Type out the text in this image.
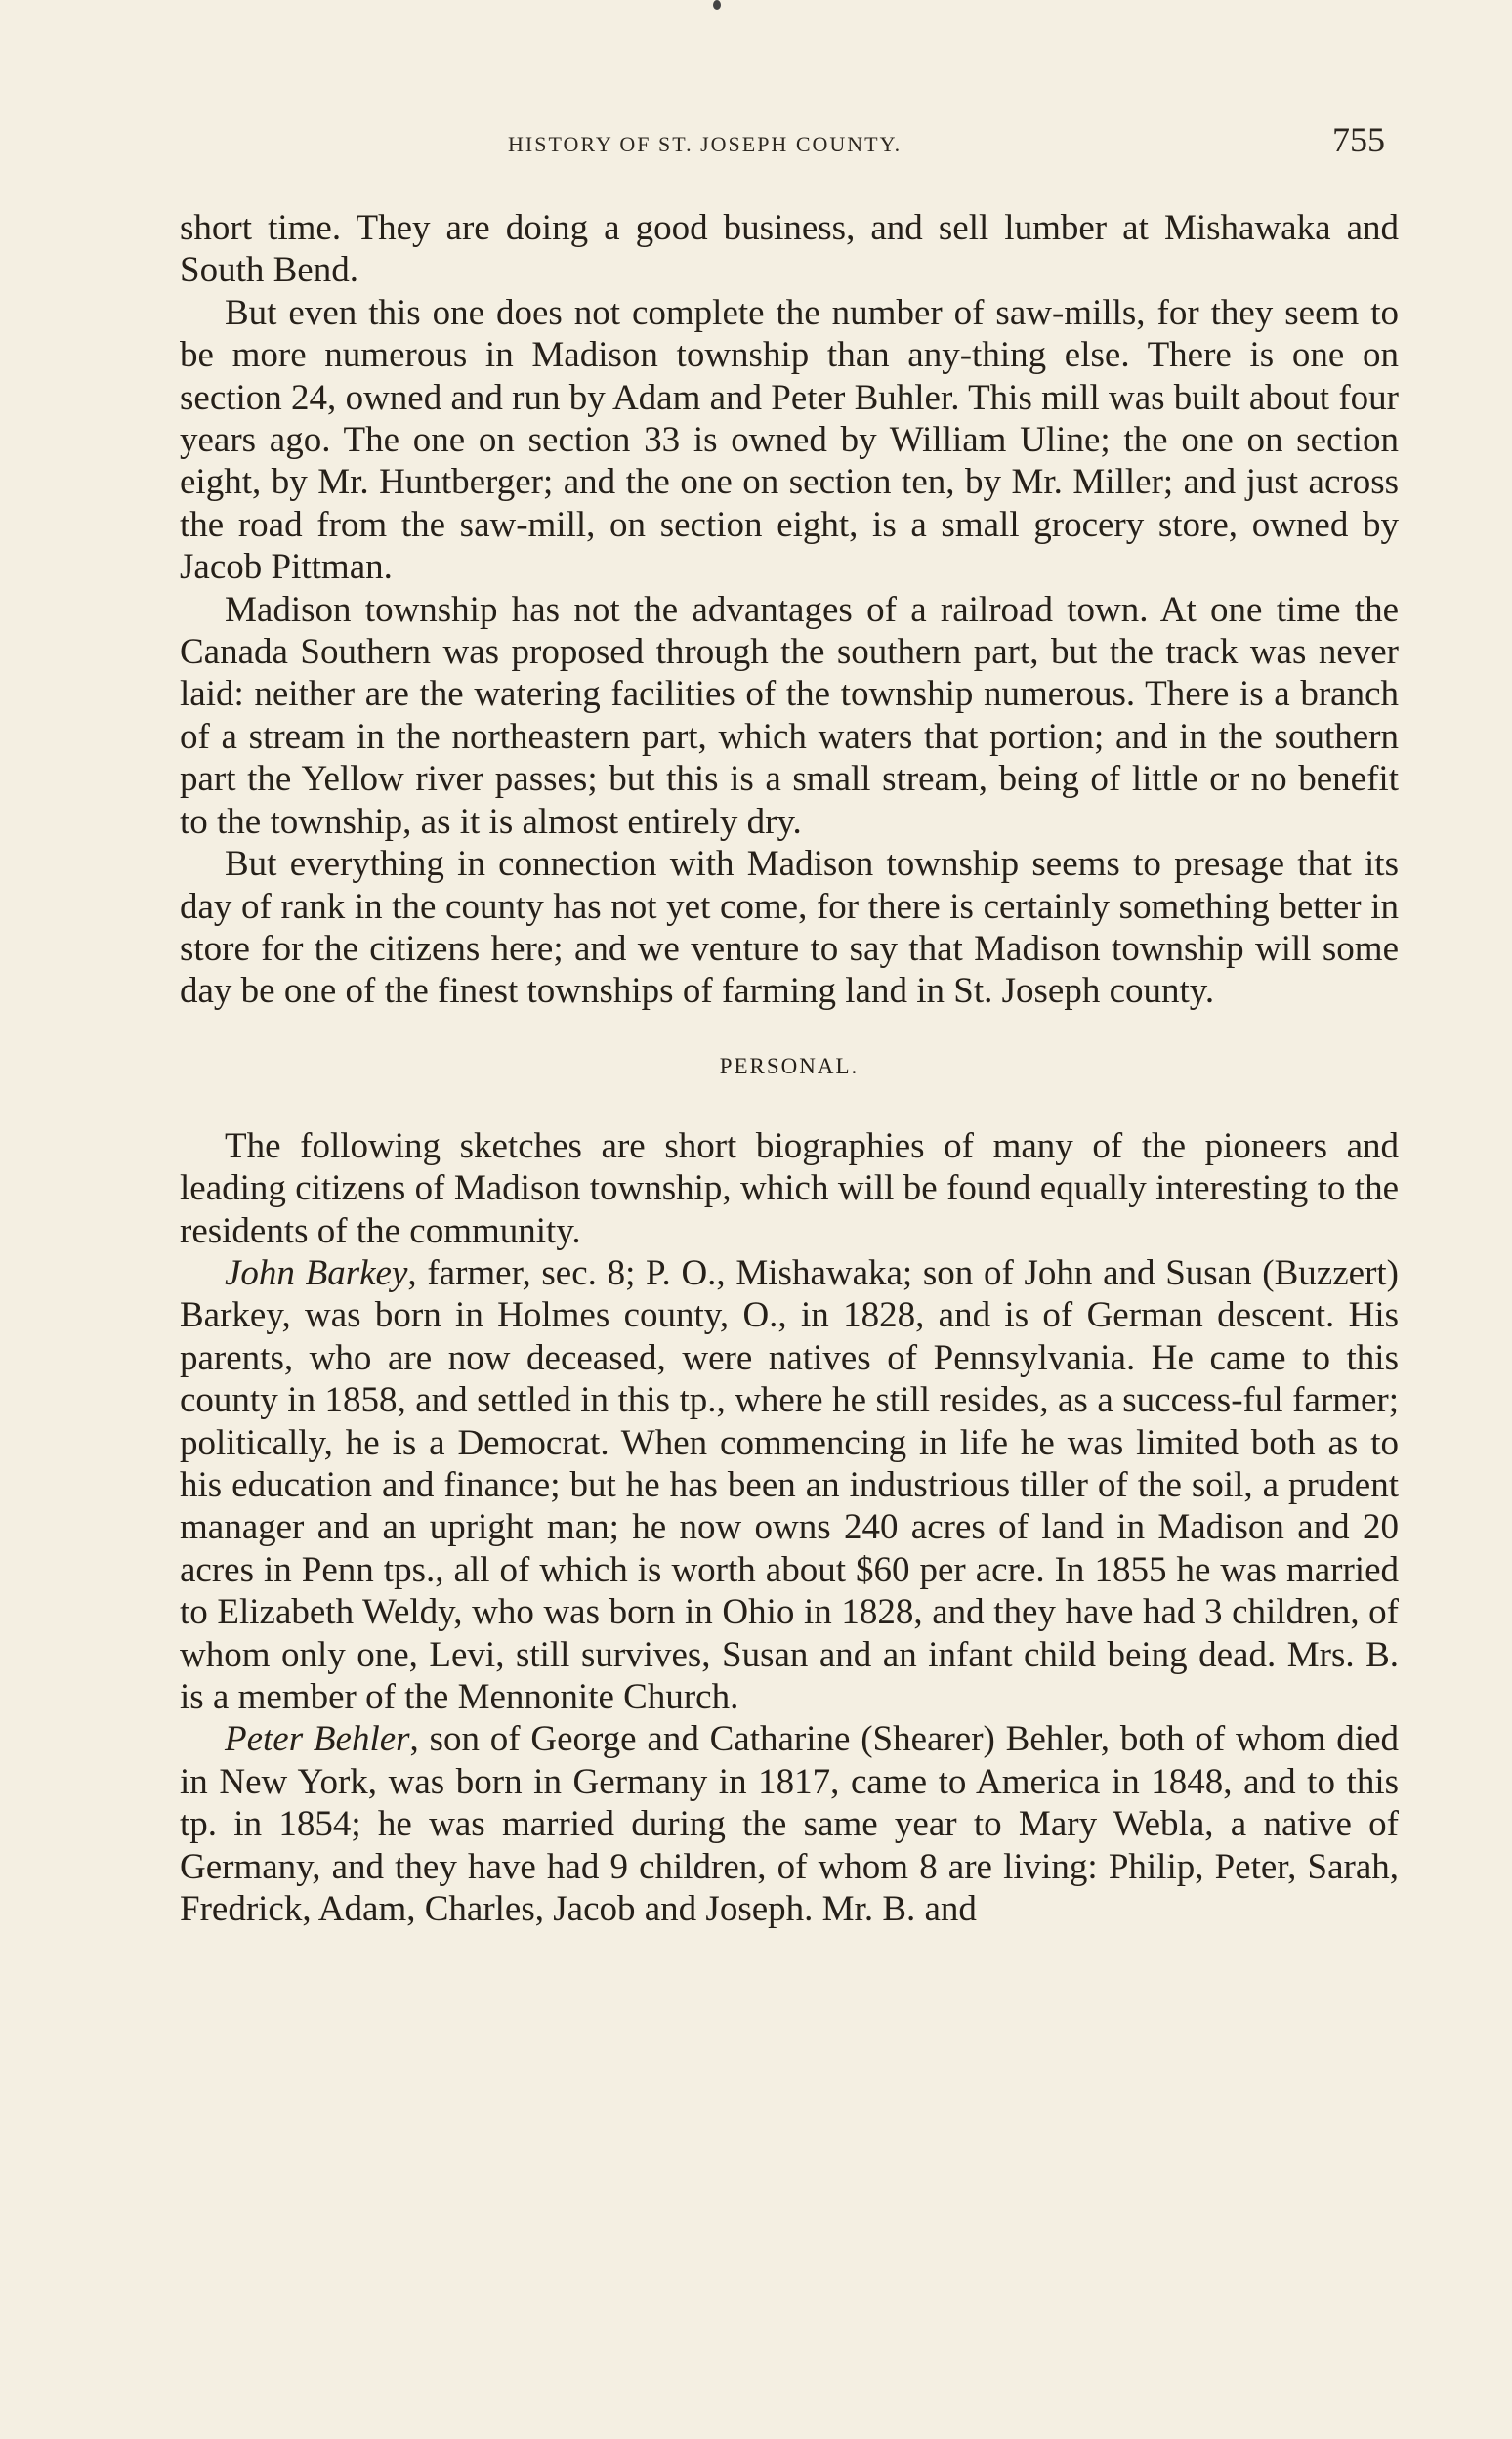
HISTORY OF ST. JOSEPH COUNTY.	755

short time. They are doing a good business, and sell lumber at Mishawaka and South Bend.

But even this one does not complete the number of saw-mills, for they seem to be more numerous in Madison township than any-thing else. There is one on section 24, owned and run by Adam and Peter Buhler. This mill was built about four years ago. The one on section 33 is owned by William Uline; the one on section eight, by Mr. Huntberger; and the one on section ten, by Mr. Miller; and just across the road from the saw-mill, on section eight, is a small grocery store, owned by Jacob Pittman.

Madison township has not the advantages of a railroad town. At one time the Canada Southern was proposed through the southern part, but the track was never laid: neither are the watering facilities of the township numerous. There is a branch of a stream in the northeastern part, which waters that portion; and in the southern part the Yellow river passes; but this is a small stream, being of little or no benefit to the township, as it is almost entirely dry.

But everything in connection with Madison township seems to presage that its day of rank in the county has not yet come, for there is certainly something better in store for the citizens here; and we venture to say that Madison township will some day be one of the finest townships of farming land in St. Joseph county.

PERSONAL.

The following sketches are short biographies of many of the pioneers and leading citizens of Madison township, which will be found equally interesting to the residents of the community.

John Barkey, farmer, sec. 8; P. O., Mishawaka; son of John and Susan (Buzzert) Barkey, was born in Holmes county, O., in 1828, and is of German descent. His parents, who are now deceased, were natives of Pennsylvania. He came to this county in 1858, and settled in this tp., where he still resides, as a success-ful farmer; politically, he is a Democrat. When commencing in life he was limited both as to his education and finance; but he has been an industrious tiller of the soil, a prudent manager and an upright man; he now owns 240 acres of land in Madison and 20 acres in Penn tps., all of which is worth about $60 per acre. In 1855 he was married to Elizabeth Weldy, who was born in Ohio in 1828, and they have had 3 children, of whom only one, Levi, still survives, Susan and an infant child being dead. Mrs. B. is a member of the Mennonite Church.

Peter Behler, son of George and Catharine (Shearer) Behler, both of whom died in New York, was born in Germany in 1817, came to America in 1848, and to this tp. in 1854; he was married during the same year to Mary Webla, a native of Germany, and they have had 9 children, of whom 8 are living: Philip, Peter, Sarah, Fredrick, Adam, Charles, Jacob and Joseph. Mr. B. and
